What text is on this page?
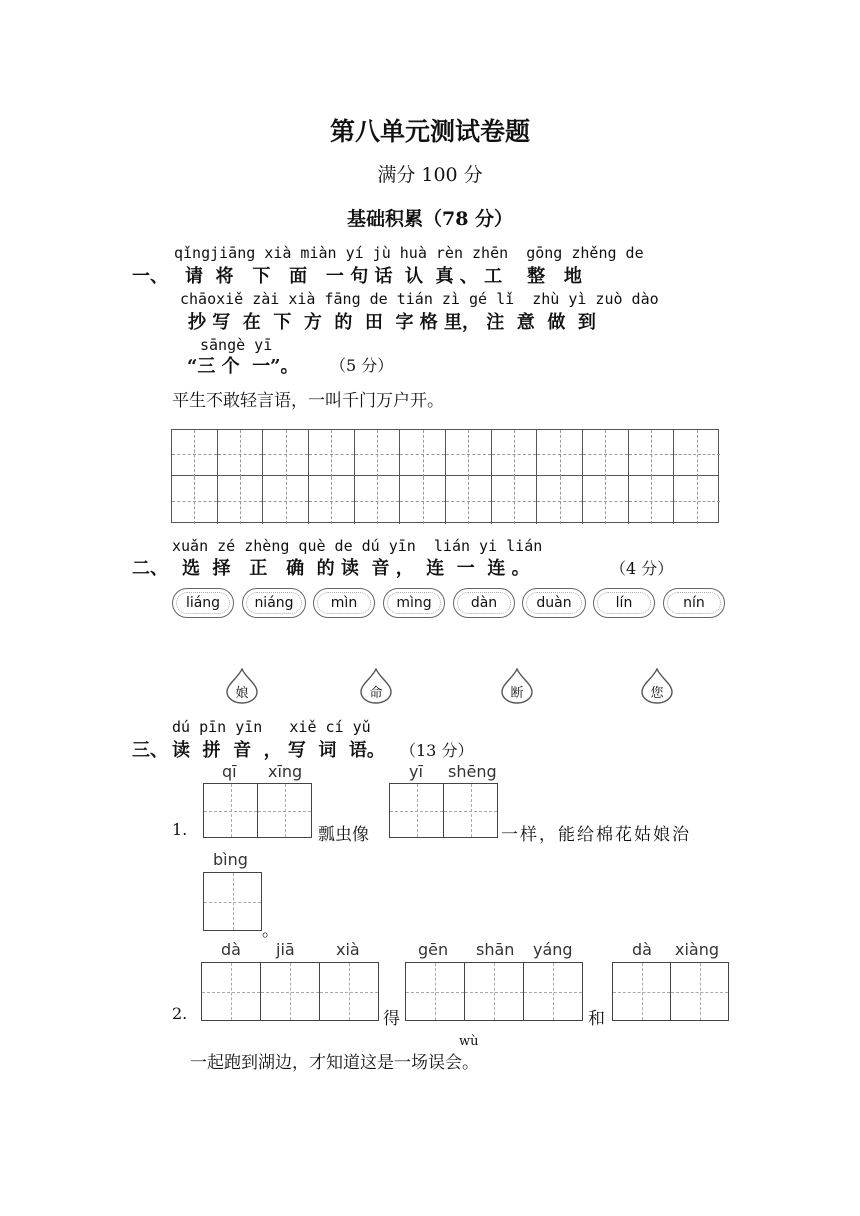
第八单元测试卷题
满分 100 分
基础积累（78 分）
qǐngjiāng xià miàn yí jù huà rèn zhēn  gōng zhěng de
一、 请  将   下   面   一 句 话  认  真 、 工    整   地
chāoxiě zài xià fāng de tián zì gé lǐ  zhù yì zuò dào
抄 写  在  下  方  的  田  字 格 里， 注  意  做  到
sāngè yī
“三 个  一”。 （5 分）
平生不敢轻言语，一叫千门万户开。
xuǎn zé zhèng què de dú yīn  lián yi lián
二、 选  择   正   确  的 读  音 ，  连  一  连 。	（4 分）
liáng	niáng	mìn	mìng	dàn	duàn	lín	nín
娘	命	断	您
dú pīn yīn   xiě cí yǔ
三、 读  拼  音  ， 写  词  语。 （13 分）
qī xīng
1.	瓢虫像
yī shēng
一样，能给棉花姑娘治
bìng
。
dà jiā	xià
2.	得
gēn shān yáng
和
dà xiàng
wù
一起跑到湖边，才知道这是一场误会。
